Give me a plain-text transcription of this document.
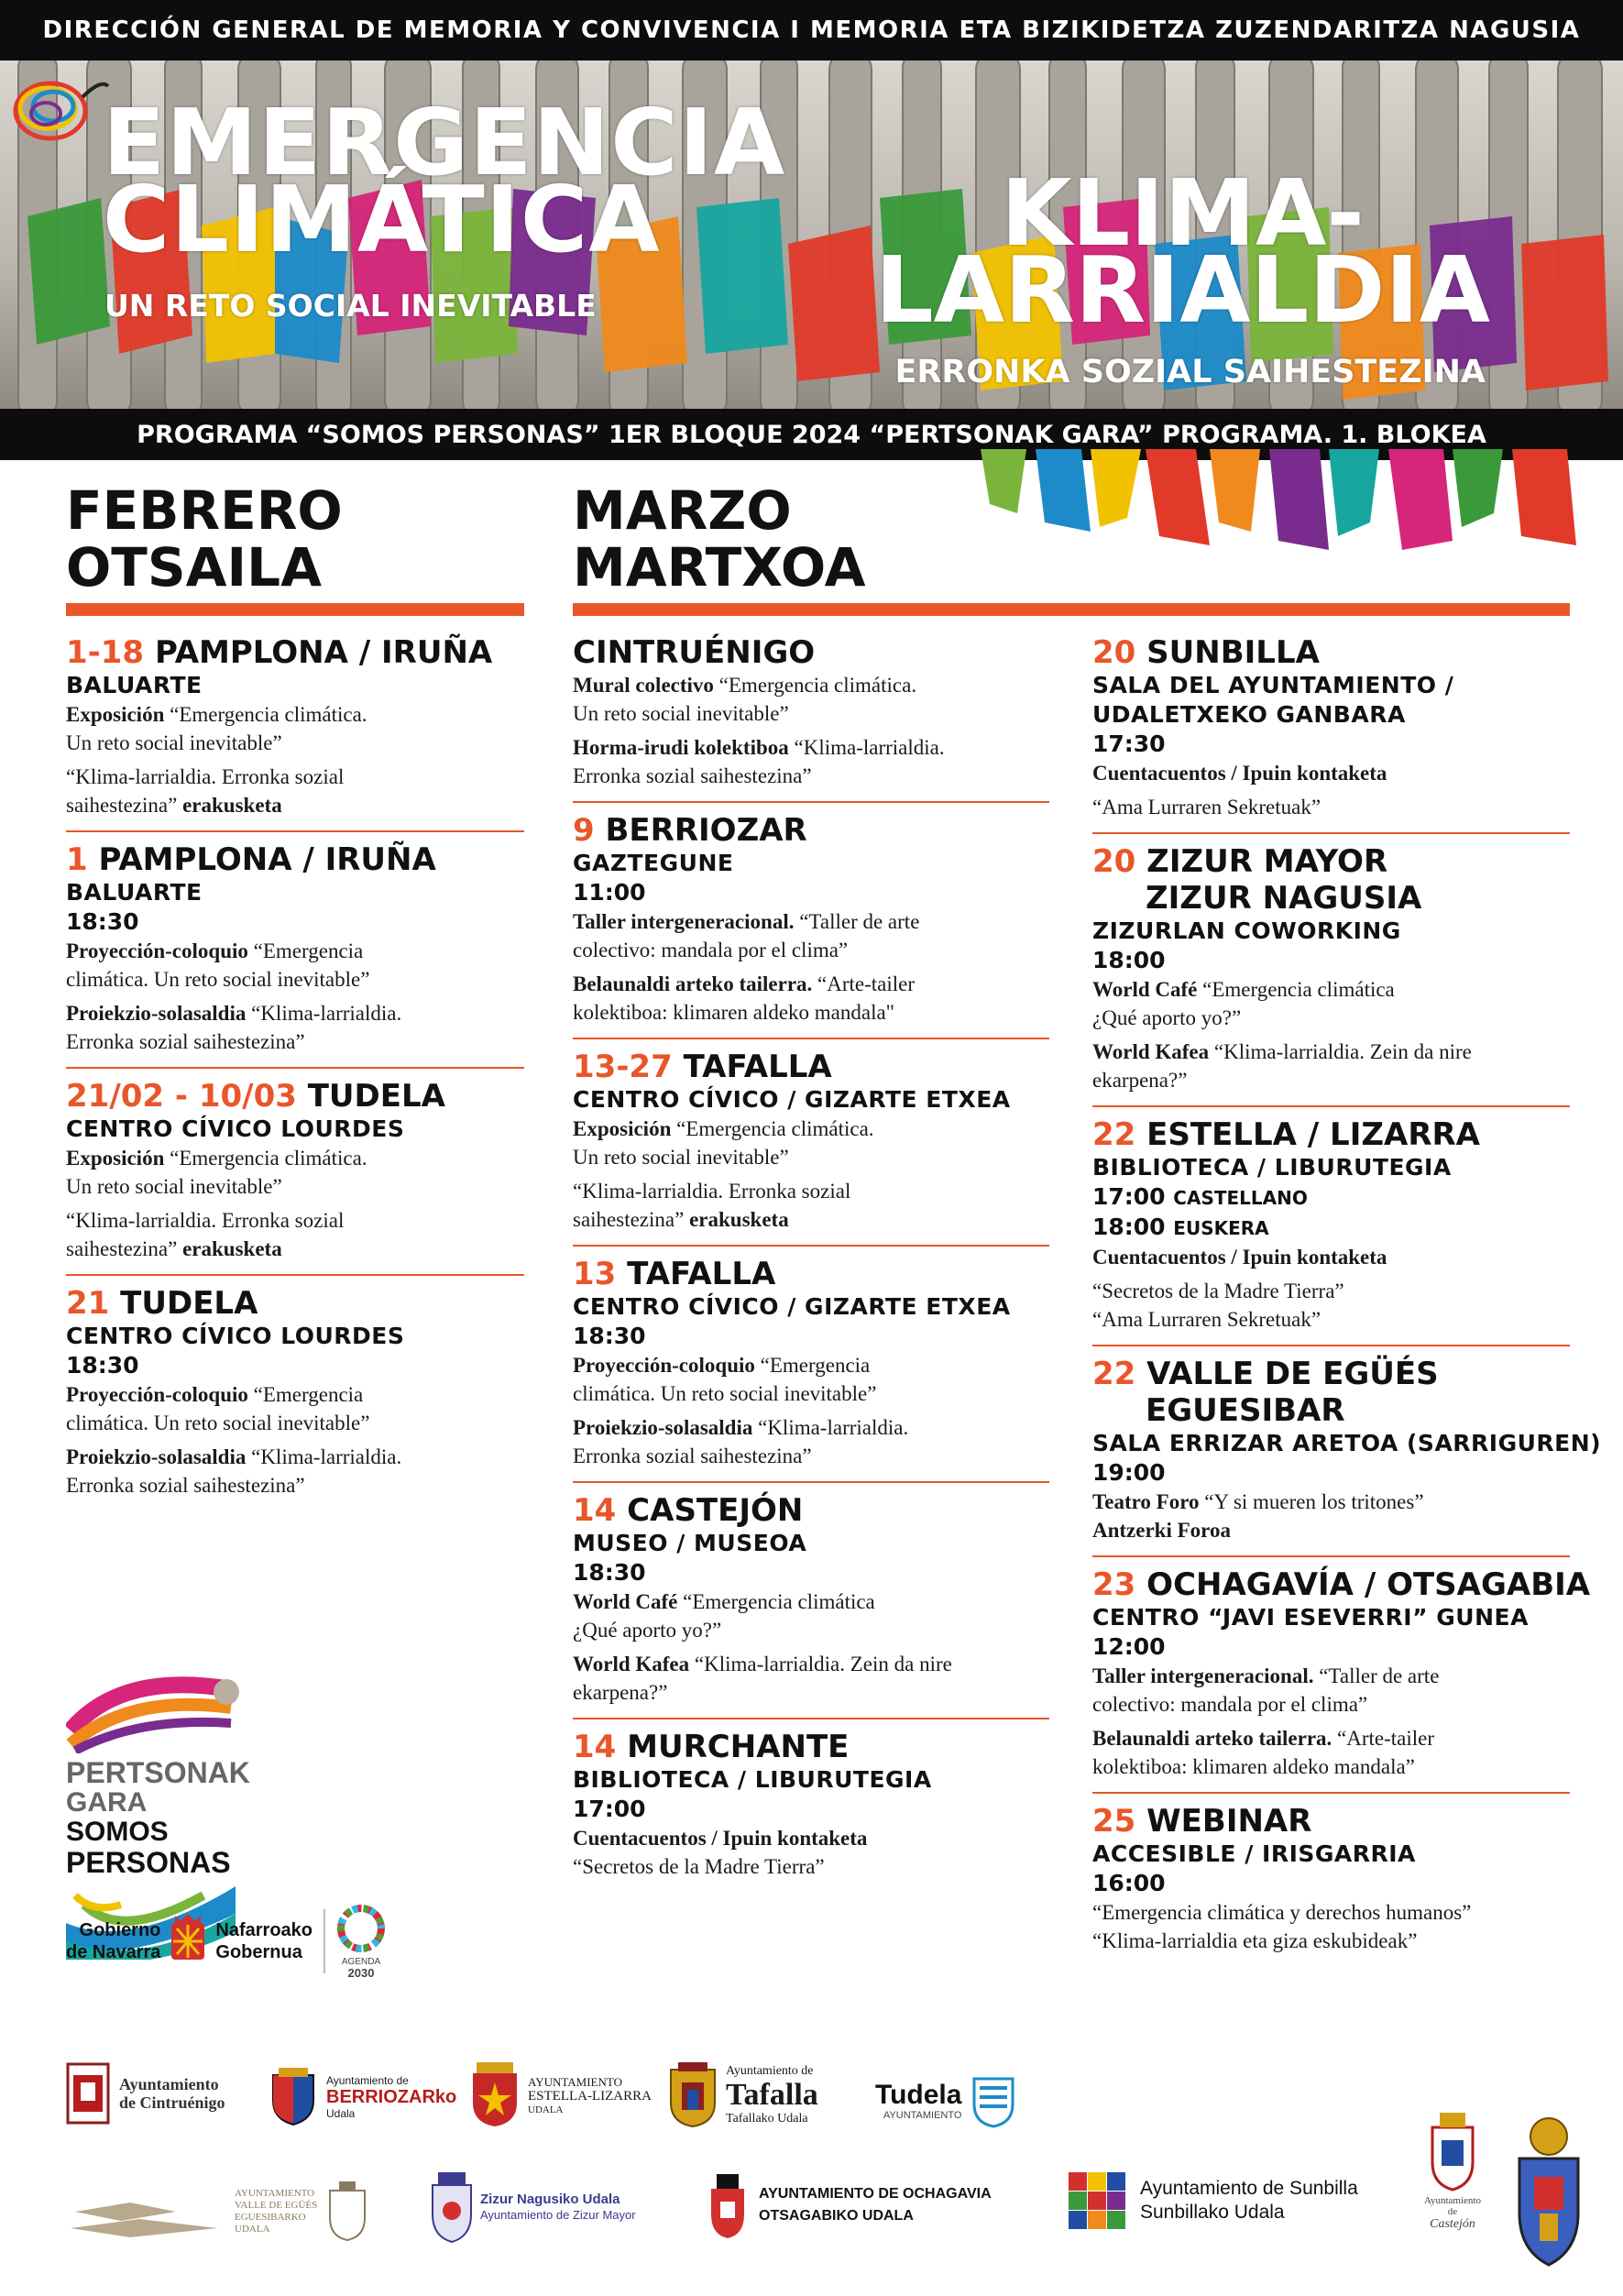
DIRECCIÓN GENERAL DE MEMORIA Y CONVIVENCIA I MEMORIA ETA BIZIKIDETZA ZUZENDARITZA NAGUSIA
EMERGENCIA
CLIMÁTICA
UN RETO SOCIAL INEVITABLE
KLIMA-
LARRIALDIA
ERRONKA SOZIAL SAIHESTEZINA
PROGRAMA “SOMOS PERSONAS” 1ER BLOQUE 2024 “PERTSONAK GARA” PROGRAMA. 1. BLOKEA
FEBRERO
OTSAILA
MARZO
MARTXOA
1-18 PAMPLONA / IRUÑA
BALUARTE
Exposición “Emergencia climática.
Un reto social inevitable”
“Klima-larrialdia. Erronka sozial
saihestezina” erakusketa
1 PAMPLONA / IRUÑA
BALUARTE
18:30
Proyección-coloquio “Emergencia
climática. Un reto social inevitable”
Proiekzio-solasaldia “Klima-larrialdia.
Erronka sozial saihestezina”
21/02 - 10/03 TUDELA
CENTRO CÍVICO LOURDES
Exposición “Emergencia climática.
Un reto social inevitable”
“Klima-larrialdia. Erronka sozial
saihestezina” erakusketa
21 TUDELA
CENTRO CÍVICO LOURDES
18:30
Proyección-coloquio “Emergencia
climática. Un reto social inevitable”
Proiekzio-solasaldia “Klima-larrialdia.
Erronka sozial saihestezina”
CINTRUÉNIGO
Mural colectivo “Emergencia climática.
Un reto social inevitable”
Horma-irudi kolektiboa “Klima-larrialdia.
Erronka sozial saihestezina”
9 BERRIOZAR
GAZTEGUNE
11:00
Taller intergeneracional. “Taller de arte
colectivo: mandala por el clima”
Belaunaldi arteko tailerra. “Arte-tailer
kolektiboa: klimaren aldeko mandala"
13-27 TAFALLA
CENTRO CÍVICO / GIZARTE ETXEA
Exposición “Emergencia climática.
Un reto social inevitable”
“Klima-larrialdia. Erronka sozial
saihestezina” erakusketa
13 TAFALLA
CENTRO CÍVICO / GIZARTE ETXEA
18:30
Proyección-coloquio “Emergencia
climática. Un reto social inevitable”
Proiekzio-solasaldia “Klima-larrialdia.
Erronka sozial saihestezina”
14 CASTEJÓN
MUSEO / MUSEOA
18:30
World Café “Emergencia climática
¿Qué aporto yo?”
World Kafea “Klima-larrialdia. Zein da nire
ekarpena?”
14 MURCHANTE
BIBLIOTECA / LIBURUTEGIA
17:00
Cuentacuentos / Ipuin kontaketa
“Secretos de la Madre Tierra”
20 SUNBILLA
SALA DEL AYUNTAMIENTO /
UDALETXEKO GANBARA
17:30
Cuentacuentos / Ipuin kontaketa
“Ama Lurraren Sekretuak”
20 ZIZUR MAYOR
ZIZUR NAGUSIA
ZIZURLAN COWORKING
18:00
World Café “Emergencia climática
¿Qué aporto yo?”
World Kafea “Klima-larrialdia. Zein da nire
ekarpena?”
22 ESTELLA / LIZARRA
BIBLIOTECA / LIBURUTEGIA
17:00 CASTELLANO
18:00 EUSKERA
Cuentacuentos / Ipuin kontaketa
“Secretos de la Madre Tierra”
“Ama Lurraren Sekretuak”
22 VALLE DE EGÜÉS
EGUESIBAR
SALA ERRIZAR ARETOA (SARRIGUREN)
19:00
Teatro Foro “Y si mueren los tritones”
Antzerki Foroa
23 OCHAGAVÍA / OTSAGABIA
CENTRO “JAVI ESEVERRI” GUNEA
12:00
Taller intergeneracional. “Taller de arte
colectivo: mandala por el clima”
Belaunaldi arteko tailerra. “Arte-tailer
kolektiboa: klimaren aldeko mandala”
25 WEBINAR
ACCESIBLE / IRISGARRIA
16:00
“Emergencia climática y derechos humanos”
“Klima-larrialdia eta giza eskubideak”
PERTSONAK
GARA SOMOS
PERSONAS
Gobierno
de Navarra
Nafarroako
Gobernua	AGENDA
2030
Ayuntamiento
de Cintruénigo
Ayuntamiento de
BERRIOZARko
Udala
AYUNTAMIENTO
ESTELLA-LIZARRA
UDALA
Ayuntamiento de
Tafalla
Tafallako Udala
Tudela
AYUNTAMIENTO
AYUNTAMIENTO
VALLE DE EGÜÉS
EGUESIBARKO
UDALA
Zizur Nagusiko Udala
Ayuntamiento de Zizur Mayor
AYUNTAMIENTO DE OCHAGAVIA
OTSAGABIKO UDALA
Ayuntamiento de Sunbilla
Sunbillako Udala
Ayuntamiento de
Castejón
